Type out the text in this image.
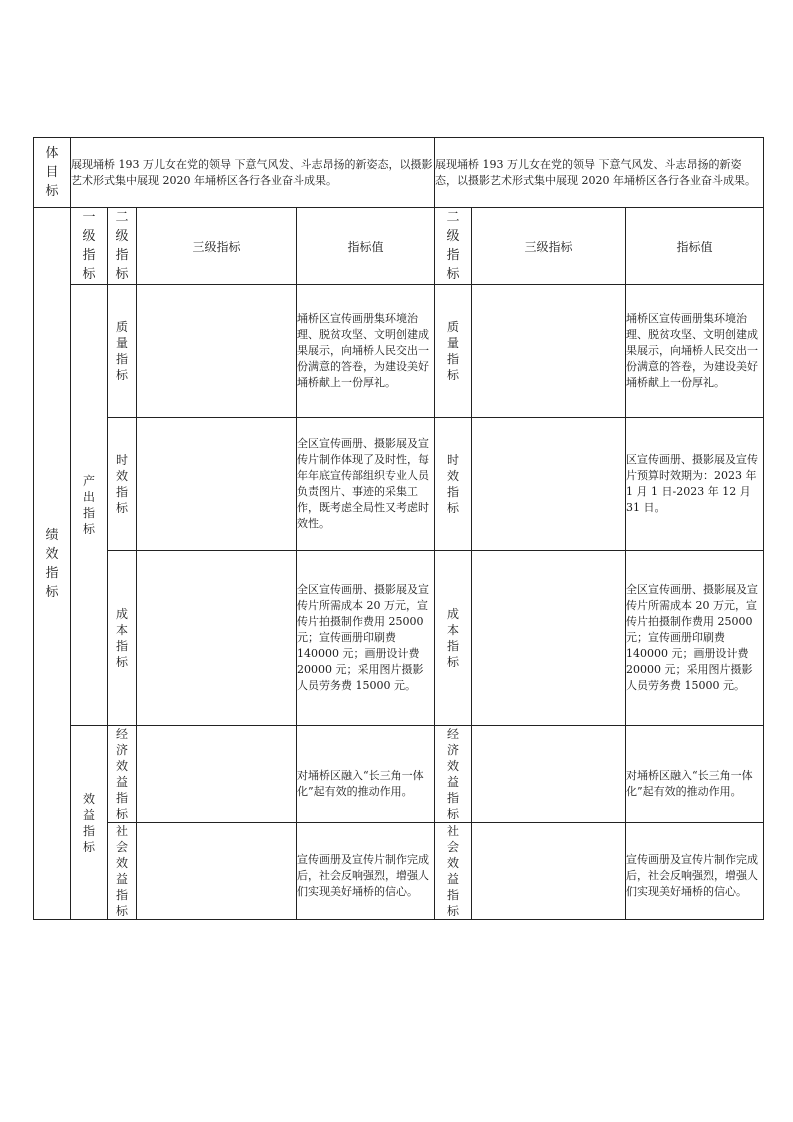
体目标	展现埇桥 193 万儿女在党的领导 下意气风发、斗志昂扬的新姿态，以摄影艺术形式集中展现 2020 年埇桥区各行各业奋斗成果。				展现埇桥 193 万儿女在党的领导 下意气风发、斗志昂扬的新姿态，以摄影艺术形式集中展现 2020 年埇桥区各行各业奋斗成果。		

绩效指标	一级指标	二级指标	三级指标	指标值	二级指标	三级指标	指标值

	产出指标	质量指标		埇桥区宣传画册集环境治理、脱贫攻坚、文明创建成果展示，向埇桥人民交出一份满意的答卷，为建设美好埇桥献上一份厚礼。	质量指标		埇桥区宣传画册集环境治理、脱贫攻坚、文明创建成果展示，向埇桥人民交出一份满意的答卷，为建设美好埇桥献上一份厚礼。

		时效指标		全区宣传画册、摄影展及宣传片制作体现了及时性，每年年底宣传部组织专业人员负责图片、事迹的采集工作，既考虑全局性又考虑时效性。	时效指标		区宣传画册、摄影展及宣传片预算时效期为：2023 年 1 月 1 日-2023 年 12 月 31 日。

		成本指标		全区宣传画册、摄影展及宣传片所需成本 20 万元，宣传片拍摄制作费用 25000 元；宣传画册印刷费 140000 元；画册设计费 20000 元；采用图片摄影人员劳务费 15000 元。	成本指标		全区宣传画册、摄影展及宣传片所需成本 20 万元，宣传片拍摄制作费用 25000 元；宣传画册印刷费 140000 元；画册设计费 20000 元；采用图片摄影人员劳务费 15000 元。

	效益指标	经济效益指标		对埇桥区融入“长三角一体化”起有效的推动作用。	经济效益指标		对埇桥区融入“长三角一体化”起有效的推动作用。

		社会效益指标		宣传画册及宣传片制作完成后，社会反响强烈，增强人们实现美好埇桥的信心。	社会效益指标		宣传画册及宣传片制作完成后，社会反响强烈，增强人们实现美好埇桥的信心。
